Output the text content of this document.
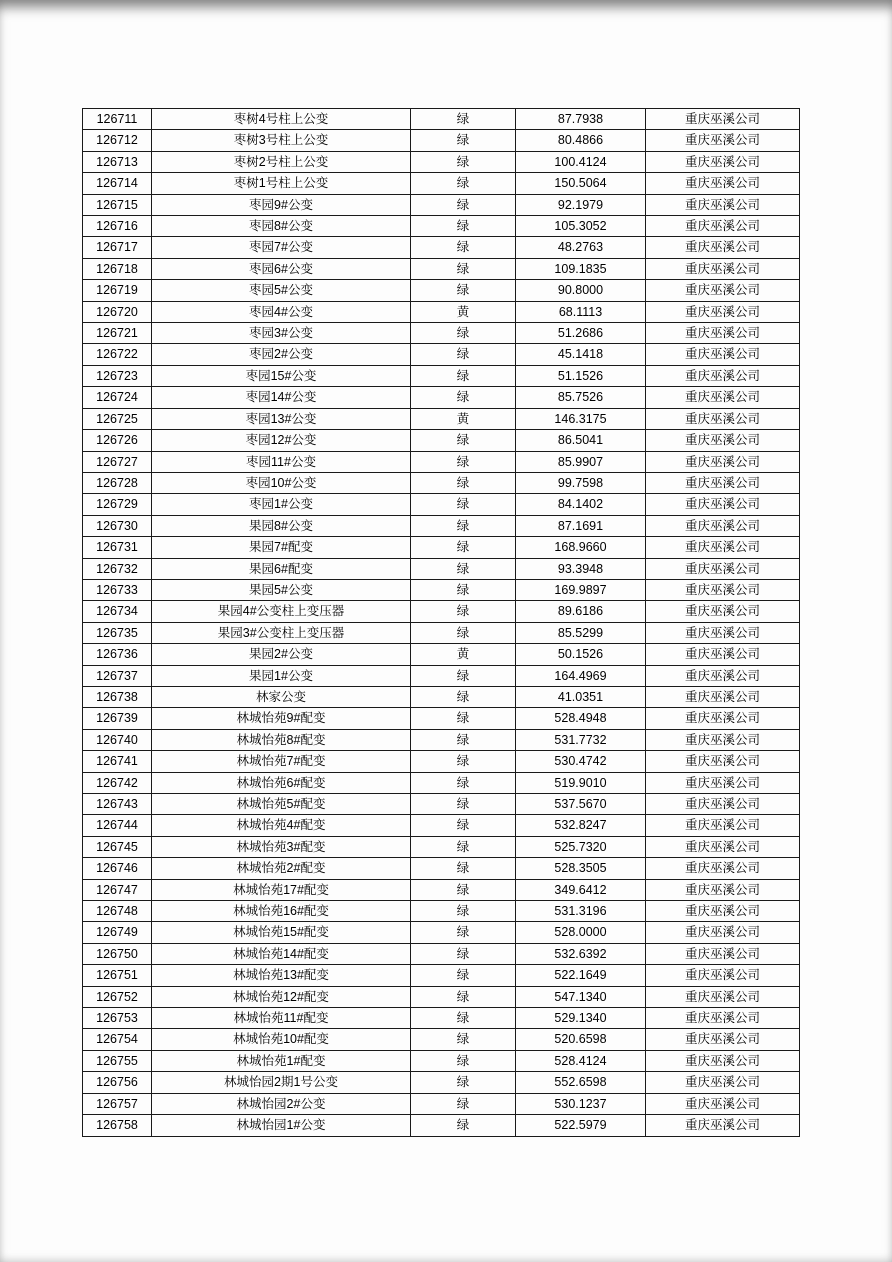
126711	枣树4号柱上公变	绿	87.7938	重庆巫溪公司
126712	枣树3号柱上公变	绿	80.4866	重庆巫溪公司
126713	枣树2号柱上公变	绿	100.4124	重庆巫溪公司
126714	枣树1号柱上公变	绿	150.5064	重庆巫溪公司
126715	枣园9#公变	绿	92.1979	重庆巫溪公司
126716	枣园8#公变	绿	105.3052	重庆巫溪公司
126717	枣园7#公变	绿	48.2763	重庆巫溪公司
126718	枣园6#公变	绿	109.1835	重庆巫溪公司
126719	枣园5#公变	绿	90.8000	重庆巫溪公司
126720	枣园4#公变	黄	68.1113	重庆巫溪公司
126721	枣园3#公变	绿	51.2686	重庆巫溪公司
126722	枣园2#公变	绿	45.1418	重庆巫溪公司
126723	枣园15#公变	绿	51.1526	重庆巫溪公司
126724	枣园14#公变	绿	85.7526	重庆巫溪公司
126725	枣园13#公变	黄	146.3175	重庆巫溪公司
126726	枣园12#公变	绿	86.5041	重庆巫溪公司
126727	枣园11#公变	绿	85.9907	重庆巫溪公司
126728	枣园10#公变	绿	99.7598	重庆巫溪公司
126729	枣园1#公变	绿	84.1402	重庆巫溪公司
126730	果园8#公变	绿	87.1691	重庆巫溪公司
126731	果园7#配变	绿	168.9660	重庆巫溪公司
126732	果园6#配变	绿	93.3948	重庆巫溪公司
126733	果园5#公变	绿	169.9897	重庆巫溪公司
126734	果园4#公变柱上变压器	绿	89.6186	重庆巫溪公司
126735	果园3#公变柱上变压器	绿	85.5299	重庆巫溪公司
126736	果园2#公变	黄	50.1526	重庆巫溪公司
126737	果园1#公变	绿	164.4969	重庆巫溪公司
126738	林家公变	绿	41.0351	重庆巫溪公司
126739	林城怡苑9#配变	绿	528.4948	重庆巫溪公司
126740	林城怡苑8#配变	绿	531.7732	重庆巫溪公司
126741	林城怡苑7#配变	绿	530.4742	重庆巫溪公司
126742	林城怡苑6#配变	绿	519.9010	重庆巫溪公司
126743	林城怡苑5#配变	绿	537.5670	重庆巫溪公司
126744	林城怡苑4#配变	绿	532.8247	重庆巫溪公司
126745	林城怡苑3#配变	绿	525.7320	重庆巫溪公司
126746	林城怡苑2#配变	绿	528.3505	重庆巫溪公司
126747	林城怡苑17#配变	绿	349.6412	重庆巫溪公司
126748	林城怡苑16#配变	绿	531.3196	重庆巫溪公司
126749	林城怡苑15#配变	绿	528.0000	重庆巫溪公司
126750	林城怡苑14#配变	绿	532.6392	重庆巫溪公司
126751	林城怡苑13#配变	绿	522.1649	重庆巫溪公司
126752	林城怡苑12#配变	绿	547.1340	重庆巫溪公司
126753	林城怡苑11#配变	绿	529.1340	重庆巫溪公司
126754	林城怡苑10#配变	绿	520.6598	重庆巫溪公司
126755	林城怡苑1#配变	绿	528.4124	重庆巫溪公司
126756	林城怡园2期1号公变	绿	552.6598	重庆巫溪公司
126757	林城怡园2#公变	绿	530.1237	重庆巫溪公司
126758	林城怡园1#公变	绿	522.5979	重庆巫溪公司
